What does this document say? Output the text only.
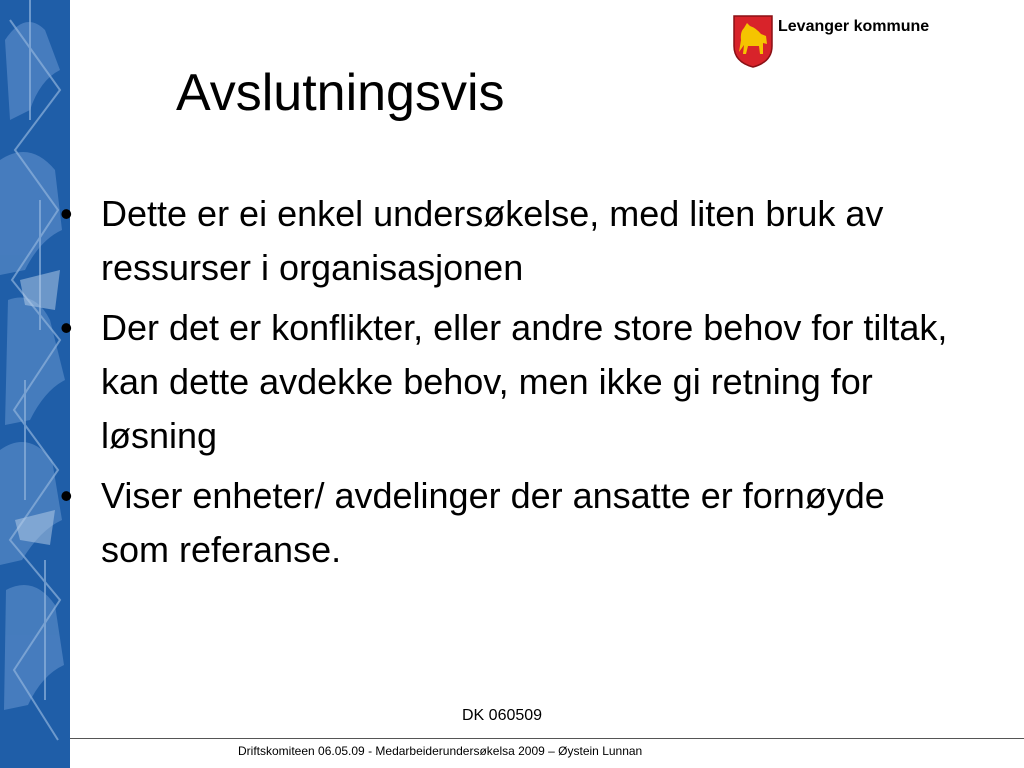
Levanger kommune
Avslutningsvis
• Dette er ei enkel undersøkelse, med liten bruk av ressurser i organisasjonen
• Der det er konflikter, eller andre store behov for tiltak, kan dette avdekke behov, men ikke gi retning for løsning
• Viser enheter/ avdelinger der ansatte er fornøyde som referanse.
DK 060509
Driftskomiteen 06.05.09 - Medarbeiderundersøkelsa 2009 – Øystein Lunnan
